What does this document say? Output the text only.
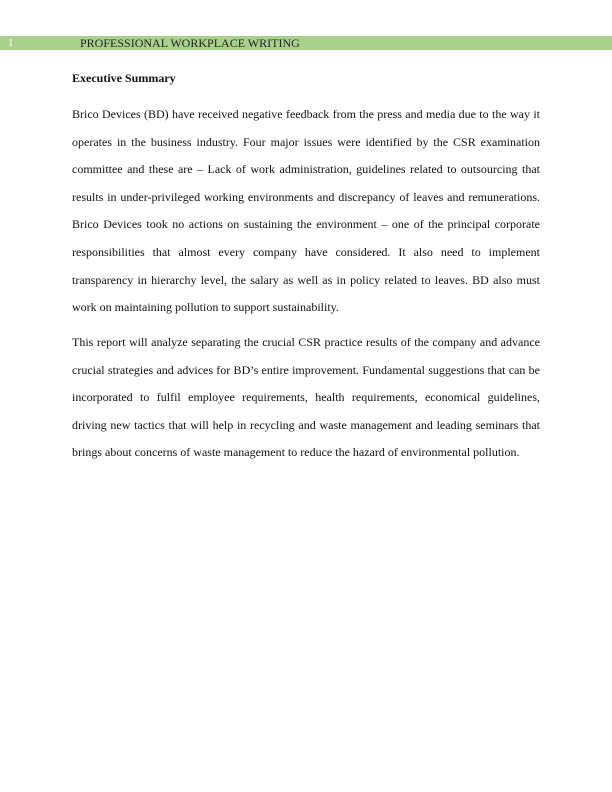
1	PROFESSIONAL WORKPLACE WRITING
Executive Summary
Brico Devices (BD) have received negative feedback from the press and media due to the way it
operates in the business industry. Four major issues were identified by the CSR examination
committee and these are – Lack of work administration, guidelines related to outsourcing that
results in under-privileged working environments and discrepancy of leaves and remunerations.
Brico Devices took no actions on sustaining the environment – one of the principal corporate
responsibilities that almost every company have considered. It also need to implement
transparency in hierarchy level, the salary as well as in policy related to leaves. BD also must
work on maintaining pollution to support sustainability.
This report will analyze separating the crucial CSR practice results of the company and advance
crucial strategies and advices for BD’s entire improvement. Fundamental suggestions that can be
incorporated to fulfil employee requirements, health requirements, economical guidelines,
driving new tactics that will help in recycling and waste management and leading seminars that
brings about concerns of waste management to reduce the hazard of environmental pollution.
